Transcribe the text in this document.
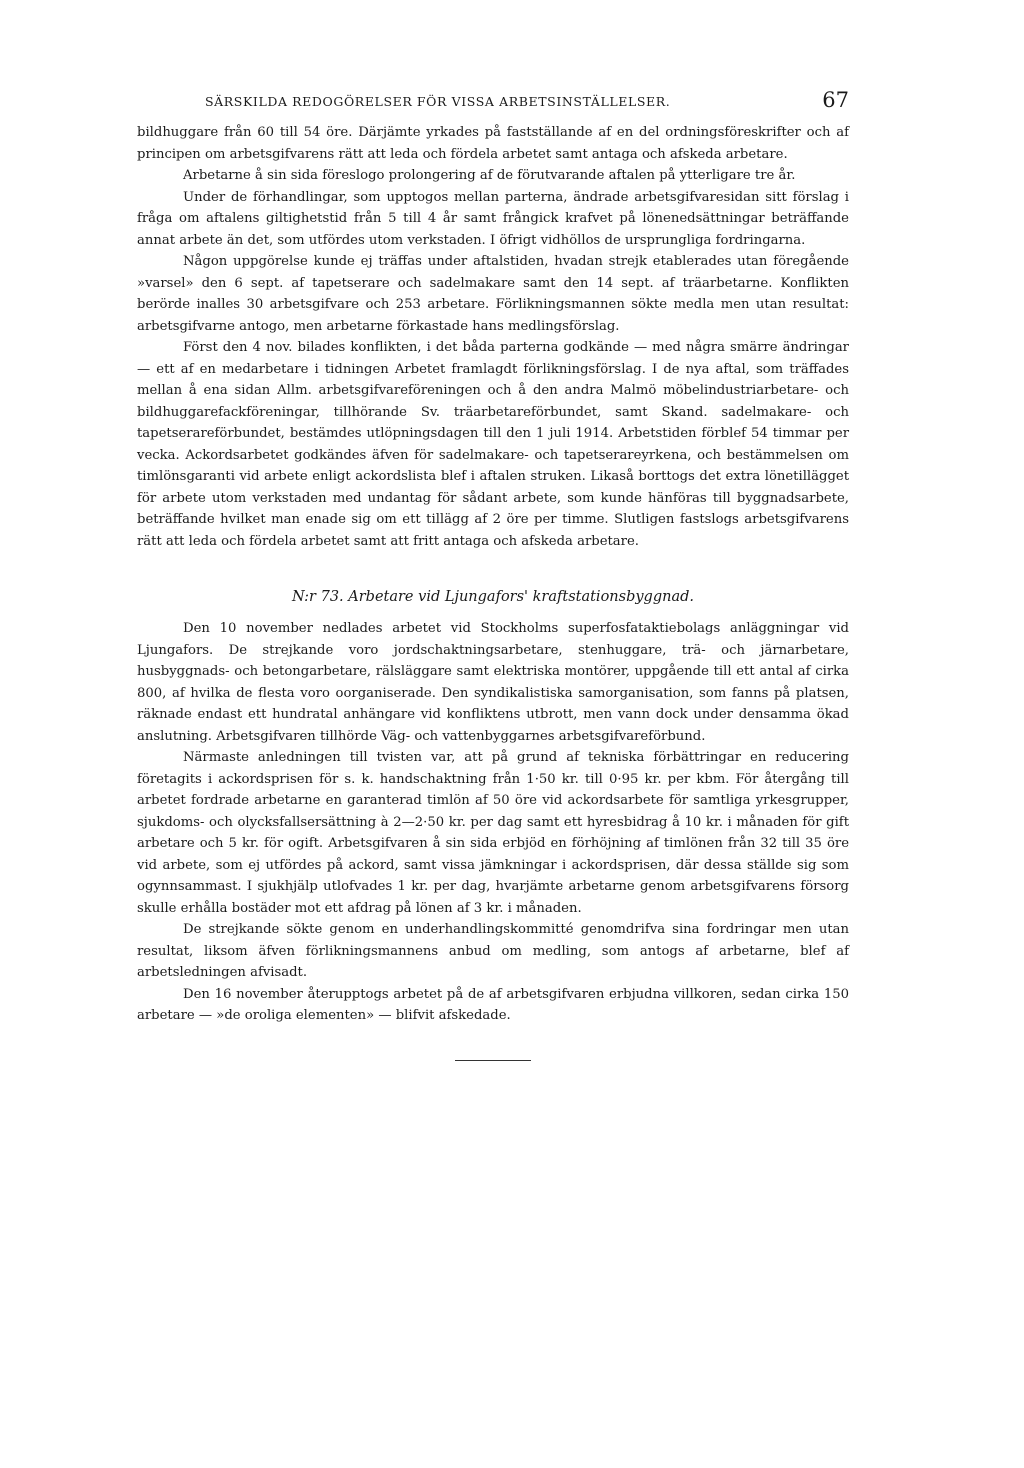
SÄRSKILDA REDOGÖRELSER FÖR VISSA ARBETSINSTÄLLELSER.	67

bildhuggare från 60 till 54 öre. Därjämte yrkades på fastställande af en del ordningsföreskrifter och af principen om arbetsgifvarens rätt att leda och fördela arbetet samt antaga och afskeda arbetare.

Arbetarne å sin sida föreslogo prolongering af de förutvarande aftalen på ytterligare tre år.

Under de förhandlingar, som upptogos mellan parterna, ändrade arbetsgifvaresidan sitt förslag i fråga om aftalens giltighetstid från 5 till 4 år samt frångick krafvet på lönenedsättningar beträffande annat arbete än det, som utfördes utom verkstaden. I öfrigt vidhöllos de ursprungliga fordringarna.

Någon uppgörelse kunde ej träffas under aftalstiden, hvadan strejk etablerades utan föregående »varsel» den 6 sept. af tapetserare och sadelmakare samt den 14 sept. af träarbetarne. Konflikten berörde inalles 30 arbetsgifvare och 253 arbetare. Förlikningsmannen sökte medla men utan resultat: arbetsgifvarne antogo, men arbetarne förkastade hans medlingsförslag.

Först den 4 nov. bilades konflikten, i det båda parterna godkände — med några smärre ändringar — ett af en medarbetare i tidningen Arbetet framlagdt förlikningsförslag. I de nya aftal, som träffades mellan å ena sidan Allm. arbetsgifvareföreningen och å den andra Malmö möbelindustriarbetare- och bildhuggarefackföreningar, tillhörande Sv. träarbetareförbundet, samt Skand. sadelmakare- och tapetserareförbundet, bestämdes utlöpningsdagen till den 1 juli 1914. Arbetstiden förblef 54 timmar per vecka. Ackordsarbetet godkändes äfven för sadelmakare- och tapetserareyrkena, och bestämmelsen om timlönsgaranti vid arbete enligt ackordslista blef i aftalen struken. Likaså borttogs det extra lönetillägget för arbete utom verkstaden med undantag för sådant arbete, som kunde hänföras till byggnadsarbete, beträffande hvilket man enade sig om ett tillägg af 2 öre per timme. Slutligen fastslogs arbetsgifvarens rätt att leda och fördela arbetet samt att fritt antaga och afskeda arbetare.

N:r 73. Arbetare vid Ljungafors' kraftstationsbyggnad.

Den 10 november nedlades arbetet vid Stockholms superfosfataktiebolags anläggningar vid Ljungafors. De strejkande voro jordschaktningsarbetare, stenhuggare, trä- och järnarbetare, husbyggnads- och betongarbetare, rälsläggare samt elektriska montörer, uppgående till ett antal af cirka 800, af hvilka de flesta voro oorganiserade. Den syndikalistiska samorganisation, som fanns på platsen, räknade endast ett hundratal anhängare vid konfliktens utbrott, men vann dock under densamma ökad anslutning. Arbetsgifvaren tillhörde Väg- och vattenbyggarnes arbetsgifvareförbund.

Närmaste anledningen till tvisten var, att på grund af tekniska förbättringar en reducering företagits i ackordsprisen för s. k. handschaktning från 1·50 kr. till 0·95 kr. per kbm. För återgång till arbetet fordrade arbetarne en garanterad timlön af 50 öre vid ackordsarbete för samtliga yrkesgrupper, sjukdoms- och olycksfallsersättning à 2—2·50 kr. per dag samt ett hyresbidrag å 10 kr. i månaden för gift arbetare och 5 kr. för ogift. Arbetsgifvaren å sin sida erbjöd en förhöjning af timlönen från 32 till 35 öre vid arbete, som ej utfördes på ackord, samt vissa jämkningar i ackordsprisen, där dessa ställde sig som ogynnsammast. I sjukhjälp utlofvades 1 kr. per dag, hvarjämte arbetarne genom arbetsgifvarens försorg skulle erhålla bostäder mot ett afdrag på lönen af 3 kr. i månaden.

De strejkande sökte genom en underhandlingskommitté genomdrifva sina fordringar men utan resultat, liksom äfven förlikningsmannens anbud om medling, som antogs af arbetarne, blef af arbetsledningen afvisadt.

Den 16 november återupptogs arbetet på de af arbetsgifvaren erbjudna villkoren, sedan cirka 150 arbetare — »de oroliga elementen» — blifvit afskedade.
